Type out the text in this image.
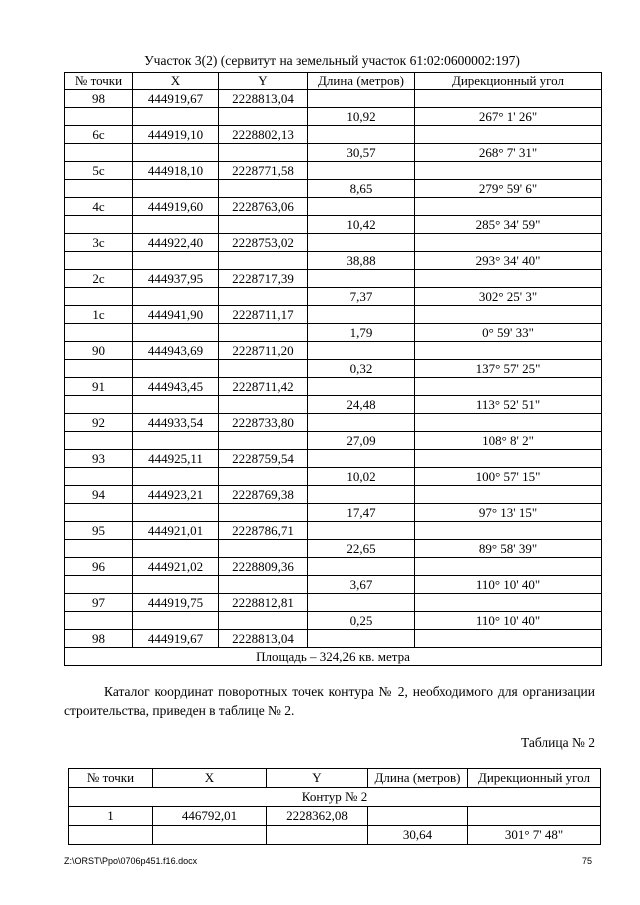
Участок 3(2) (сервитут на земельный участок 61:02:0600002:197)
№ точки	X	Y	Длина (метров)	Дирекционный угол
98	444919,67	2228813,04		
			10,92	267° 1' 26"
6c	444919,10	2228802,13		
			30,57	268° 7' 31"
5c	444918,10	2228771,58		
			8,65	279° 59' 6"
4c	444919,60	2228763,06		
			10,42	285° 34' 59"
3c	444922,40	2228753,02		
			38,88	293° 34' 40"
2c	444937,95	2228717,39		
			7,37	302° 25' 3"
1c	444941,90	2228711,17		
			1,79	0° 59' 33"
90	444943,69	2228711,20		
			0,32	137° 57' 25"
91	444943,45	2228711,42		
			24,48	113° 52' 51"
92	444933,54	2228733,80		
			27,09	108° 8' 2"
93	444925,11	2228759,54		
			10,02	100° 57' 15"
94	444923,21	2228769,38		
			17,47	97° 13' 15"
95	444921,01	2228786,71		
			22,65	89° 58' 39"
96	444921,02	2228809,36		
			3,67	110° 10' 40"
97	444919,75	2228812,81		
			0,25	110° 10' 40"
98	444919,67	2228813,04		
Площадь – 324,26 кв. метра				
Каталог координат поворотных точек контура № 2, необходимого для организации строительства, приведен в таблице № 2.
Таблица № 2
№ точки	X	Y	Длина (метров)	Дирекционный угол
Контур № 2				
1	446792,01	2228362,08		
			30,64	301° 7' 48"
Z:\ORST\Ppo\0706p451.f16.docx	75
